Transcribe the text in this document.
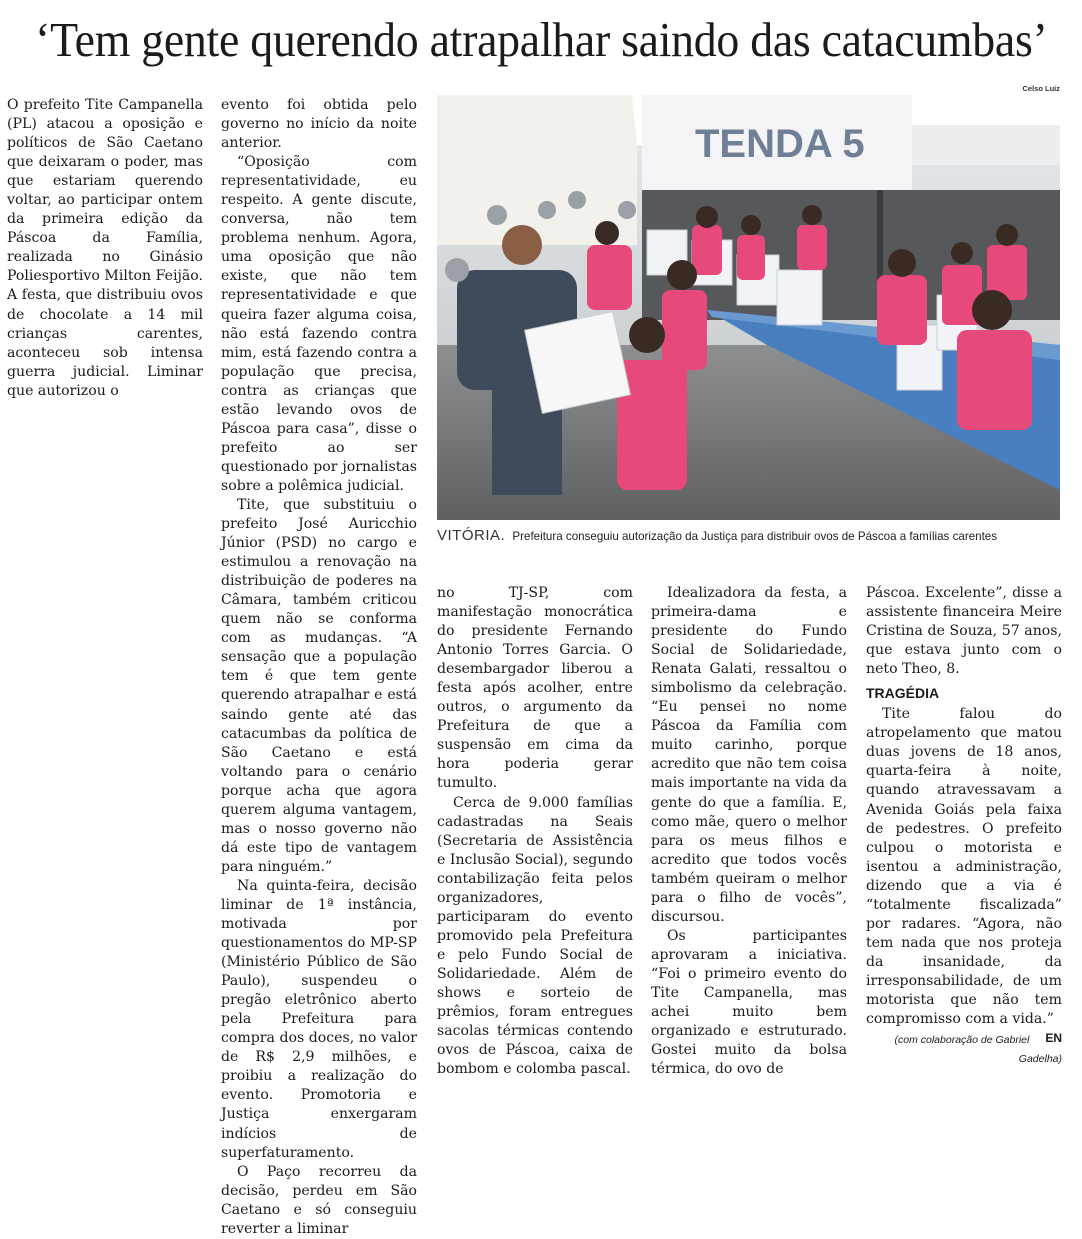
‘Tem gente querendo atrapalhar saindo das catacumbas’
Celso Luiz
TENDA 5
VITÓRIA. Prefeitura conseguiu autorização da Justiça para distribuir ovos de Páscoa a famílias carentes

O prefeito Tite Campanella (PL) atacou a oposição e políticos de São Caetano que deixaram o poder, mas que estariam querendo voltar, ao participar ontem da primeira edição da Páscoa da Família, realizada no Ginásio Poliesportivo Milton Feijão. A festa, que distribuiu ovos de chocolate a 14 mil crianças carentes, aconteceu sob intensa guerra judicial. Liminar que autorizou o

evento foi obtida pelo governo no início da noite anterior.

“Oposição com representatividade, eu respeito. A gente discute, conversa, não tem problema nenhum. Agora, uma oposição que não existe, que não tem representatividade e que queira fazer alguma coisa, não está fazendo contra mim, está fazendo contra a população que precisa, contra as crianças que estão levando ovos de Páscoa para casa”, disse o prefeito ao ser questionado por jornalistas sobre a polêmica judicial.

Tite, que substituiu o prefeito José Auricchio Júnior (PSD) no cargo e estimulou a renovação na distribuição de poderes na Câmara, também criticou quem não se conforma com as mudanças. “A sensação que a população tem é que tem gente querendo atrapalhar e está saindo gente até das catacumbas da política de São Caetano e está voltando para o cenário porque acha que agora querem alguma vantagem, mas o nosso governo não dá este tipo de vantagem para ninguém.”

Na quinta-feira, decisão liminar de 1ª instância, motivada por questionamentos do MP-SP (Ministério Público de São Paulo), suspendeu o pregão eletrônico aberto pela Prefeitura para compra dos doces, no valor de R$ 2,9 milhões, e proibiu a realização do evento. Promotoria e Justiça enxergaram indícios de superfaturamento.

O Paço recorreu da decisão, perdeu em São Caetano e só conseguiu reverter a liminar

no TJ-SP, com manifestação monocrática do presidente Fernando Antonio Torres Garcia. O desembargador liberou a festa após acolher, entre outros, o argumento da Prefeitura de que a suspensão em cima da hora poderia gerar tumulto.

Cerca de 9.000 famílias cadastradas na Seais (Secretaria de Assistência e Inclusão Social), segundo contabilização feita pelos organizadores, participaram do evento promovido pela Prefeitura e pelo Fundo Social de Solidariedade. Além de shows e sorteio de prêmios, foram entregues sacolas térmicas contendo ovos de Páscoa, caixa de bombom e colomba pascal.

Idealizadora da festa, a primeira-dama e presidente do Fundo Social de Solidariedade, Renata Galati, ressaltou o simbolismo da celebração. “Eu pensei no nome Páscoa da Família com muito carinho, porque acredito que não tem coisa mais importante na vida da gente do que a família. E, como mãe, quero o melhor para os meus filhos e acredito que todos vocês também queiram o melhor para o filho de vocês”, discursou.

Os participantes aprovaram a iniciativa. “Foi o primeiro evento do Tite Campanella, mas achei muito bem organizado e estruturado. Gostei muito da bolsa térmica, do ovo de

Páscoa. Excelente”, disse a assistente financeira Meire Cristina de Souza, 57 anos, que estava junto com o neto Theo, 8.

TRAGÉDIA

Tite falou do atropelamento que matou duas jovens de 18 anos, quarta-feira à noite, quando atravessavam a Avenida Goiás pela faixa de pedestres. O prefeito culpou o motorista e isentou a administração, dizendo que a via é “totalmente fiscalizada” por radares. “Agora, não tem nada que nos proteja da insanidade, da irresponsabilidade, de um motorista que não tem compromisso com a vida.”
EN

(com colaboração de Gabriel Gadelha)
